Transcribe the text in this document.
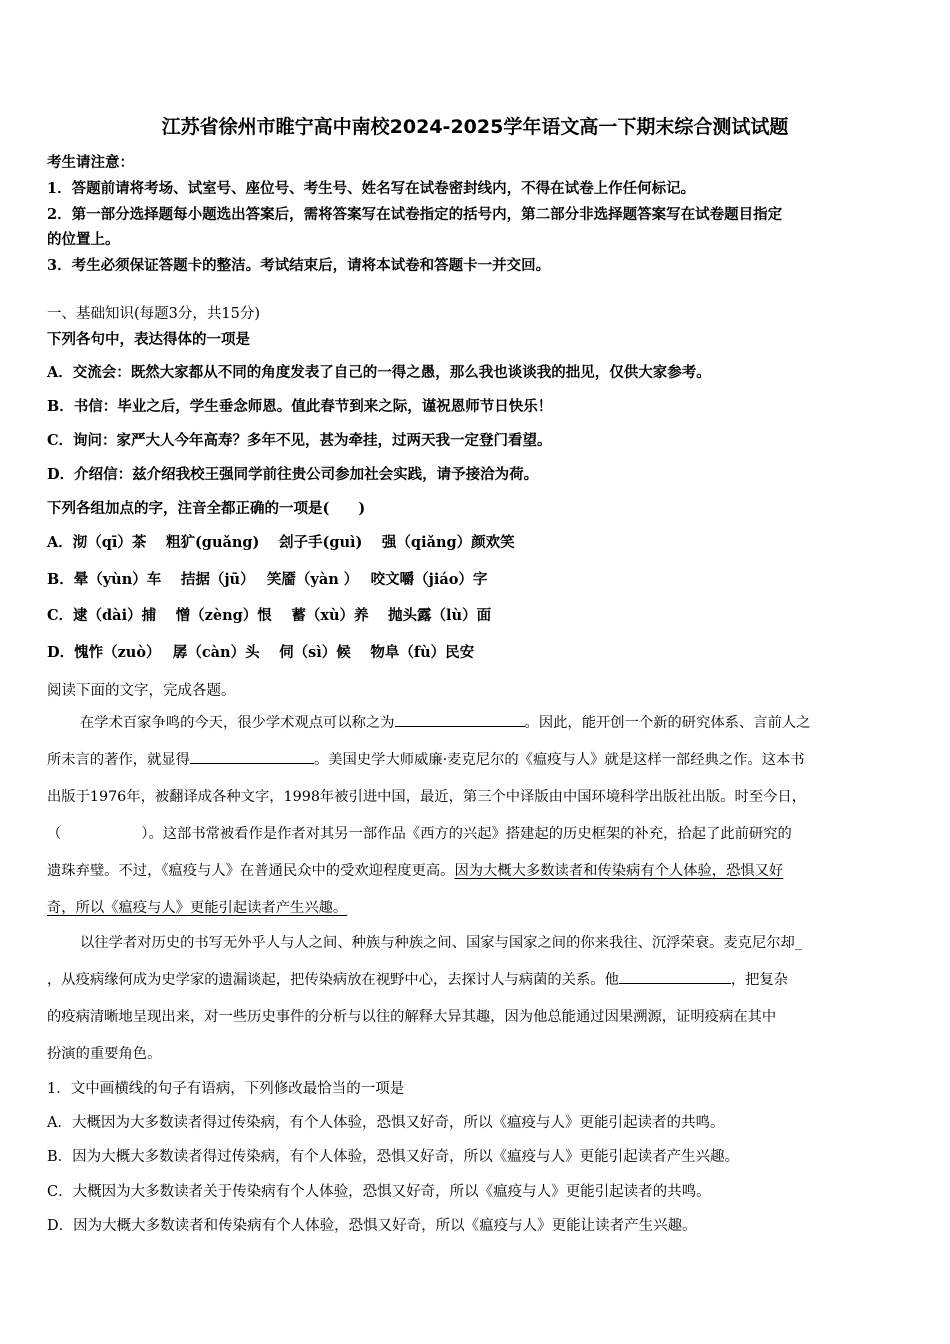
江苏省徐州市睢宁高中南校2024-2025学年语文高一下期末综合测试试题
考生请注意：
1．答题前请将考场、试室号、座位号、考生号、姓名写在试卷密封线内，不得在试卷上作任何标记。
2．第一部分选择题每小题选出答案后，需将答案写在试卷指定的括号内，第二部分非选择题答案写在试卷题目指定
的位置上。
3．考生必须保证答题卡的整洁。考试结束后，请将本试卷和答题卡一并交回。
一、基础知识(每题3分，共15分)
下列各句中，表达得体的一项是
A．交流会：既然大家都从不同的角度发表了自己的一得之愚，那么我也谈谈我的拙见，仅供大家参考。
B．书信：毕业之后，学生垂念师恩。值此春节到来之际，谨祝恩师节日快乐！
C．询问：家严大人今年高寿？多年不见，甚为牵挂，过两天我一定登门看望。
D．介绍信：兹介绍我校王强同学前往贵公司参加社会实践，请予接洽为荷。
下列各组加点的字，注音全都正确的一项是(　　)
A．沏（qī）茶　 粗犷(guǎng)　 刽子手(guì)　 强（qiǎng）颜欢笑
B．晕（yùn）车　 拮据（jū）　 笑靥（yàn ）　 咬文嚼（jiáo）字
C．逮（dài）捕　 憎（zèng）恨　 蓄（xù）养　 抛头露（lù）面
D．愧怍（zuò）　 孱（càn）头　 伺（sì）候　 物阜（fù）民安
阅读下面的文字，完成各题。
在学术百家争鸣的今天，很少学术观点可以称之为	。因此，能开创一个新的研究体系、言前人之
所未言的著作，就显得	。美国史学大师威廉·麦克尼尔的《瘟疫与人》就是这样一部经典之作。这本书
出版于1976年，被翻译成各种文字，1998年被引进中国，最近，第三个中译版由中国环境科学出版社出版。时至今日，
（	）。这部书常被看作是作者对其另一部作品《西方的兴起》搭建起的历史框架的补充，拾起了此前研究的
遗珠弃璧。不过，《瘟疫与人》在普通民众中的受欢迎程度更高。因为大概大多数读者和传染病有个人体验，恐惧又好
奇，所以《瘟疫与人》更能引起读者产生兴趣。
以往学者对历史的书写无外乎人与人之间、种族与种族之间、国家与国家之间的你来我往、沉浮荣衰。麦克尼尔却_
，从疫病缘何成为史学家的遗漏谈起，把传染病放在视野中心，去探讨人与病菌的关系。他	，把复杂
的疫病清晰地呈现出来，对一些历史事件的分析与以往的解释大异其趣，因为他总能通过因果溯源，证明疫病在其中
扮演的重要角色。
1．文中画横线的句子有语病，下列修改最恰当的一项是
A．大概因为大多数读者得过传染病，有个人体验，恐惧又好奇，所以《瘟疫与人》更能引起读者的共鸣。
B．因为大概大多数读者得过传染病，有个人体验，恐惧又好奇，所以《瘟疫与人》更能引起读者产生兴趣。
C．大概因为大多数读者关于传染病有个人体验，恐惧又好奇，所以《瘟疫与人》更能引起读者的共鸣。
D．因为大概大多数读者和传染病有个人体验，恐惧又好奇，所以《瘟疫与人》更能让读者产生兴趣。
